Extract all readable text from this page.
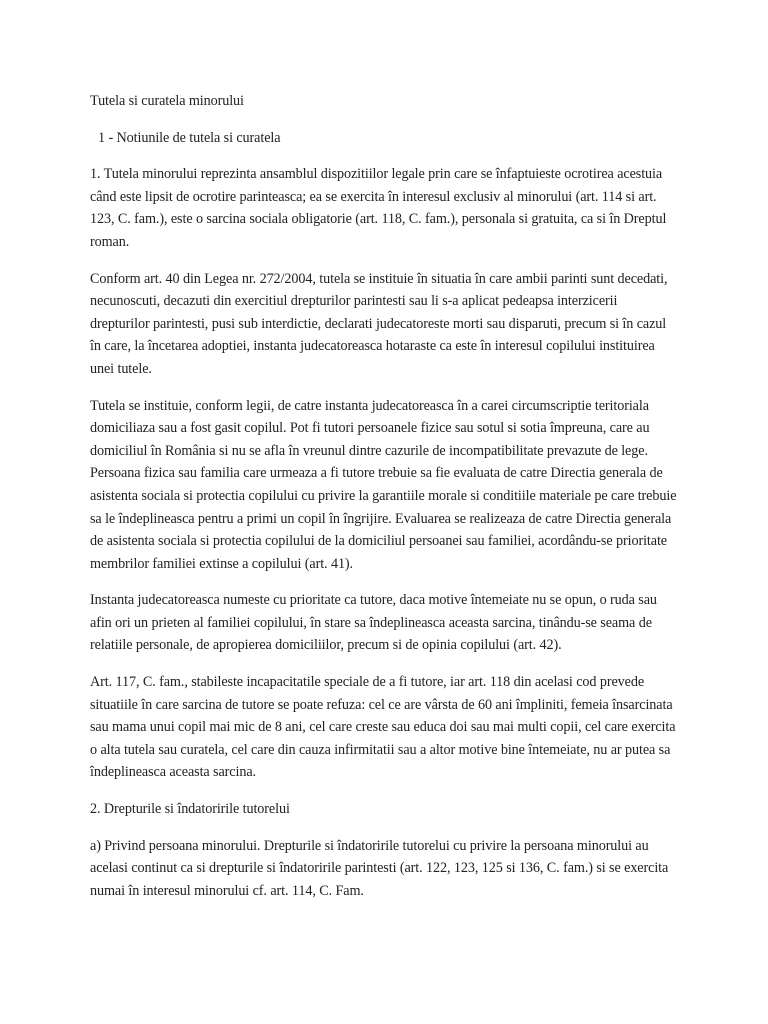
Tutela si curatela minorului
1 - Notiunile de tutela si curatela

1. Tutela minorului reprezinta ansamblul dispozitiilor legale prin care se înfaptuieste ocrotirea acestuia când este lipsit de ocrotire parinteasca; ea se exercita în interesul exclusiv al minorului (art. 114 si art. 123, C. fam.), este o sarcina sociala obligatorie (art. 118, C. fam.), personala si gratuita, ca si în Dreptul roman.

Conform art. 40 din Legea nr. 272/2004, tutela se instituie în situatia în care ambii parinti sunt decedati, necunoscuti, decazuti din exercitiul drepturilor parintesti sau li s-a aplicat pedeapsa interzicerii drepturilor parintesti, pusi sub interdictie, declarati judecatoreste morti sau disparuti, precum si în cazul în care, la încetarea adoptiei, instanta judecatoreasca hotaraste ca este în interesul copilului instituirea unei tutele.

Tutela se instituie, conform legii, de catre instanta judecatoreasca în a carei circumscriptie teritoriala domiciliaza sau a fost gasit copilul. Pot fi tutori persoanele fizice sau sotul si sotia împreuna, care au domiciliul în România si nu se afla în vreunul dintre cazurile de incompatibilitate prevazute de lege. Persoana fizica sau familia care urmeaza a fi tutore trebuie sa fie evaluata de catre Directia generala de asistenta sociala si protectia copilului cu privire la garantiile morale si conditiile materiale pe care trebuie sa le îndeplineasca pentru a primi un copil în îngrijire. Evaluarea se realizeaza de catre Directia generala de asistenta sociala si protectia copilului de la domiciliul persoanei sau familiei, acordându-se prioritate membrilor familiei extinse a copilului (art. 41).

Instanta judecatoreasca numeste cu prioritate ca tutore, daca motive întemeiate nu se opun, o ruda sau afin ori un prieten al familiei copilului, în stare sa îndeplineasca aceasta sarcina, tinându-se seama de relatiile personale, de apropierea domiciliilor, precum si de opinia copilului (art. 42).

Art. 117, C. fam., stabileste incapacitatile speciale de a fi tutore, iar art. 118 din acelasi cod prevede situatiile în care sarcina de tutore se poate refuza: cel ce are vârsta de 60 ani împliniti, femeia însarcinata sau mama unui copil mai mic de 8 ani, cel care creste sau educa doi sau mai multi copii, cel care exercita o alta tutela sau curatela, cel care din cauza infirmitatii sau a altor motive bine întemeiate, nu ar putea sa îndeplineasca aceasta sarcina.

2. Drepturile si îndatoririle tutorelui

a) Privind persoana minorului. Drepturile si îndatoririle tutorelui cu privire la persoana minorului au acelasi continut ca si drepturile si îndatoririle parintesti (art. 122, 123, 125 si 136, C. fam.) si se exercita numai în interesul minorului cf. art. 114, C. Fam.
